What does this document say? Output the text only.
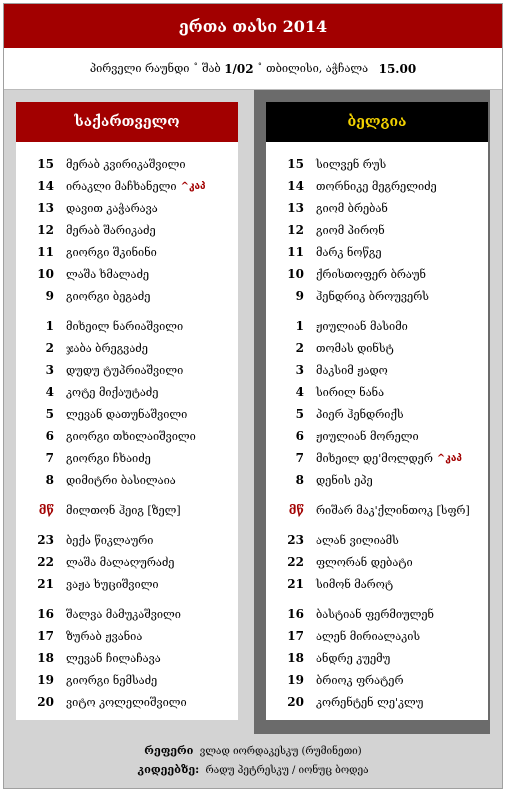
ერთა თასი 2014
პირველი რაუნდი ˚ შაბ
1/02 ˚ თბილისი, აჭჩალა
15.00
საქართველო
15	მერაბ კვირიკაშვილი
14	ირაკლი მაჩხანელი ^კაპ
13	დავით კაჭარავა
12	მერაბ შარიკაძე
11	გიორგი შკინინი
10	ლაშა ხმალაძე
9	გიორგი ბეგაძე
1	მიხეილ ნარიაშვილი
2	ჯაბა ბრეგვაძე
3	დუდუ ტუპრიაშვილი
4	კოტე მიქაუტაძე
5	ლევან დათუნაშვილი
6	გიორგი თხილაიშვილი
7	გიორგი ჩხაიძე
8	დიმიტრი ბასილაია
მწ	მილთონ ჰეიგ [ზელ]
23	ბექა წიკლაური
22	ლაშა მალაღურაძე
21	ვაჟა ხუციშვილი
16	შალვა მამუკაშვილი
17	ზურაბ ჟვანია
18	ლევან ჩილაჩავა
19	გიორგი ნემსაძე
20	ვიტო კოლელიშვილი
ბელგია
15	სილვენ რუს
14	თორნიკე მეგრელიძე
13	გიომ ბრებან
12	გიომ პირონ
11	მარკ ნოწგე
10	ქრისთოფერ ბრაუნ
9	ჰენდრიკ ბროუვერს
1	ჟიულიან მასიმი
2	თომას დინსტ
3	მაკსიმ ჟადო
4	სირილ ნანა
5	პიერ ჰენდრიქს
6	ჟიულიან მორელი
7	მიხეილ დე'მოლდერ ^კაპ
8	დენის ეპე
მწ	რიშარ მაკ'ქლინთოკ [სფრ]
23	ალან ვილიამს
22	ფლორან დებატი
21	სიმონ მაროტ
16	ბასტიან ფერმიულენ
17	ალენ მირიალაკის
18	ანდრე კუემუ
19	ბრიოკ ფრატერ
20	კორენტენ ლე'კლუ
რეფერი ვლად იორდაკესკუ (რუმინეთი)
კიდეებზე: რადუ პეტრესკუ / იონუც ბოდეა
